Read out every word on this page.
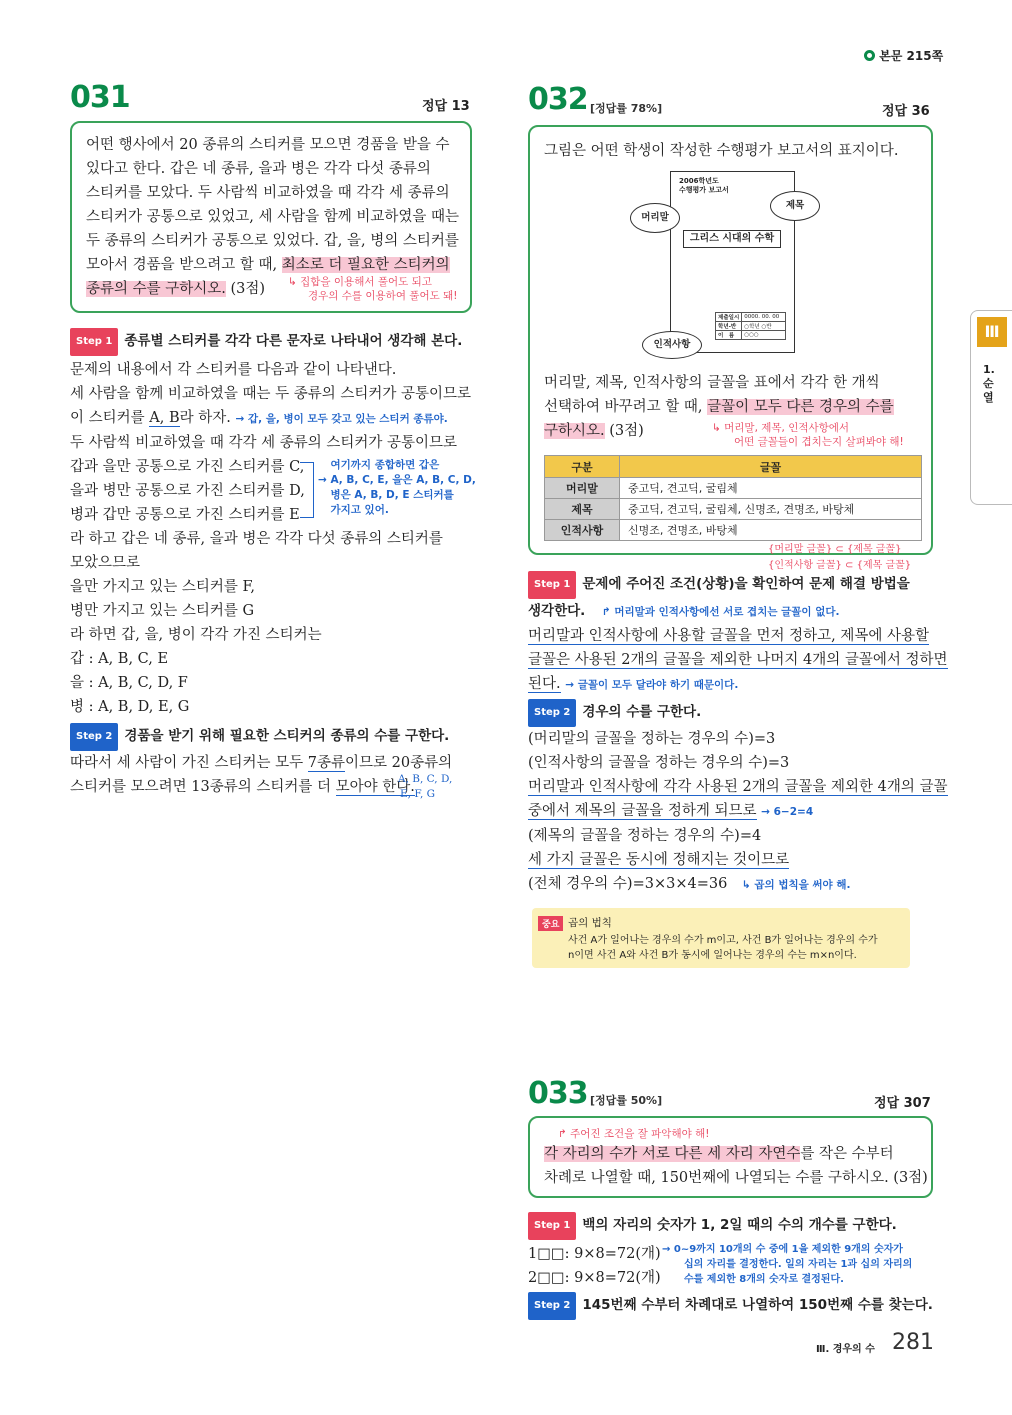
본문 215쪽
Ⅲ
1. 순열
031	정답 13
어떤 행사에서 20 종류의 스티커를 모으면 경품을 받을 수
있다고 한다. 갑은 네 종류, 을과 병은 각각 다섯 종류의
스티커를 모았다. 두 사람씩 비교하였을 때 각각 세 종류의
스티커가 공통으로 있었고, 세 사람을 함께 비교하였을 때는
두 종류의 스티커가 공통으로 있었다. 갑, 을, 병의 스티커를
모아서 경품을 받으려고 할 때, 최소로 더 필요한 스티커의
종류의 수를 구하시오. (3점)	↳ 집합을 이용해서 풀어도 되고
경우의 수를 이용하여 풀어도 돼!
Step 1 종류별 스티커를 각각 다른 문자로 나타내어 생각해 본다.
문제의 내용에서 각 스티커를 다음과 같이 나타낸다.
세 사람을 함께 비교하였을 때는 두 종류의 스티커가 공통이므로
이 스티커를 A, B라 하자. → 갑, 을, 병이 모두 갖고 있는 스티커 종류야.
두 사람씩 비교하였을 때 각각 세 종류의 스티커가 공통이므로
갑과 을만 공통으로 가진 스티커를 C,
을과 병만 공통으로 가진 스티커를 D,
병과 갑만 공통으로 가진 스티커를 E
라 하고 갑은 네 종류, 을과 병은 각각 다섯 종류의 스티커를
모았으므로
을만 가지고 있는 스티커를 F,
병만 가지고 있는 스티커를 G
라 하면 갑, 을, 병이 각각 가진 스티커는
갑 : A, B, C, E
을 : A, B, C, D, F
병 : A, B, D, E, G
Step 2 경품을 받기 위해 필요한 스티커의 종류의 수를 구한다.
따라서 세 사람이 가진 스티커는 모두 7종류이므로 20종류의
스티커를 모으려면 13종류의 스티커를 더 모아야 한다.
여기까지 종합하면 갑은
→ A, B, C, E, 을은 A, B, C, D,
병은 A, B, D, E 스티커를
가지고 있어.
A, B, C, D,
E, F, G
032 [정답률 78%]	정답 36
그림은 어떤 학생이 작성한 수행평가 보고서의 표지이다.
2006학년도
수행평가 보고서
그리스 시대의 수학
제출일시	0000. 00. 00
학년-반	○학년 ○반
이　름	○○○
머리말
제목
인적사항
머리말, 제목, 인적사항의 글꼴을 표에서 각각 한 개씩
선택하여 바꾸려고 할 때, 글꼴이 모두 다른 경우의 수를
구하시오. (3점)	↳ 머리말, 제목, 인적사항에서
어떤 글꼴들이 겹치는지 살펴봐야 해!
구분	글꼴
머리말	중고딕, 견고딕, 굴림체
제목	중고딕, 견고딕, 굴림체, 신명조, 견명조, 바탕체
인적사항	신명조, 견명조, 바탕체
{머리말 글꼴} ⊂ {제목 글꼴}
{인적사항 글꼴} ⊂ {제목 글꼴}
Step 1 문제에 주어진 조건(상황)을 확인하여 문제 해결 방법을
생각한다. ↱ 머리말과 인적사항에선 서로 겹치는 글꼴이 없다.
머리말과 인적사항에 사용할 글꼴을 먼저 정하고, 제목에 사용할
글꼴은 사용된 2개의 글꼴을 제외한 나머지 4개의 글꼴에서 정하면
된다. → 글꼴이 모두 달라야 하기 때문이다.
Step 2 경우의 수를 구한다.
(머리말의 글꼴을 정하는 경우의 수)=3
(인적사항의 글꼴을 정하는 경우의 수)=3
머리말과 인적사항에 각각 사용된 2개의 글꼴을 제외한 4개의 글꼴
중에서 제목의 글꼴을 정하게 되므로 → 6−2=4
(제목의 글꼴을 정하는 경우의 수)=4
세 가지 글꼴은 동시에 정해지는 것이므로
(전체 경우의 수)=3×3×4=36 ↳ 곱의 법칙을 써야 해.
중요 곱의 법칙
사건 A가 일어나는 경우의 수가 m이고, 사건 B가 일어나는 경우의 수가
n이면 사건 A와 사건 B가 동시에 일어나는 경우의 수는 m×n이다.
033 [정답률 50%]	정답 307
↱ 주어진 조건을 잘 파악해야 해!
각 자리의 수가 서로 다른 세 자리 자연수를 작은 수부터
차례로 나열할 때, 150번째에 나열되는 수를 구하시오. (3점)
Step 1 백의 자리의 숫자가 1, 2일 때의 수의 개수를 구한다.
1□□: 9×8=72(개)
2□□: 9×8=72(개)
Step 2 145번째 수부터 차례대로 나열하여 150번째 수를 찾는다.
→ 0~9까지 10개의 수 중에 1을 제외한 9개의 숫자가
십의 자리를 결정한다. 일의 자리는 1과 십의 자리의
수를 제외한 8개의 숫자로 결정된다.
Ⅲ. 경우의 수 281
